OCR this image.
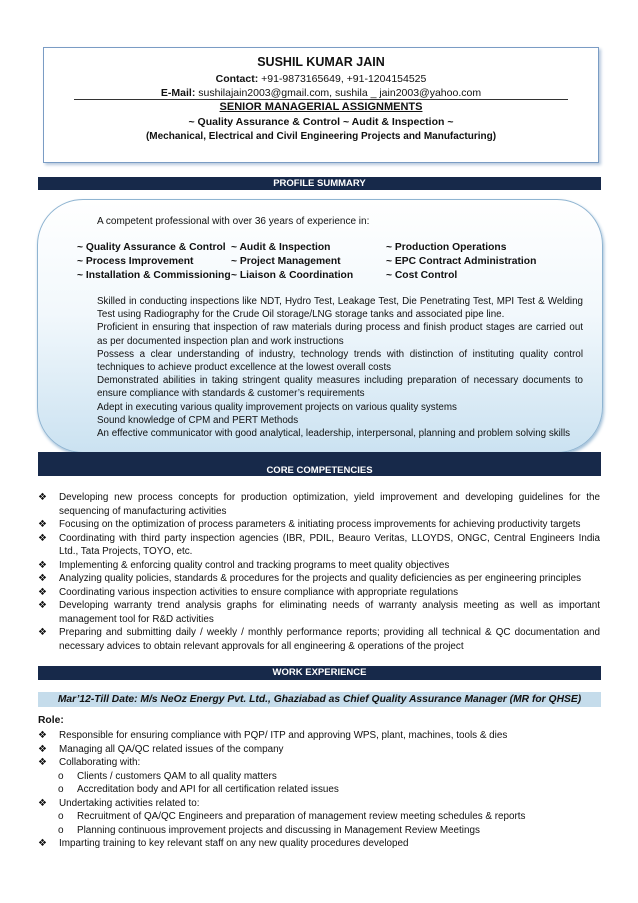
SUSHIL KUMAR JAIN
Contact: +91-9873165649, +91-1204154525
E-Mail: sushilajain2003@gmail.com, sushila _ jain2003@yahoo.com
SENIOR MANAGERIAL ASSIGNMENTS
~ Quality Assurance & Control ~ Audit & Inspection ~
(Mechanical, Electrical and Civil Engineering Projects and Manufacturing)
PROFILE SUMMARY
A competent professional with over 36 years of experience in:
~ Quality Assurance & Control
~ Process Improvement
~ Installation & Commissioning
~ Audit & Inspection
~ Project Management
~ Liaison & Coordination
~ Production Operations
~ EPC Contract Administration
~ Cost Control
Skilled in conducting inspections like NDT, Hydro Test, Leakage Test, Die Penetrating Test, MPI Test & Welding Test using Radiography for the Crude Oil storage/LNG storage tanks and associated pipe line.
Proficient in ensuring that inspection of raw materials during process and finish product stages are carried out as per documented inspection plan and work instructions
Possess a clear understanding of industry, technology trends with distinction of instituting quality control techniques to achieve product excellence at the lowest overall costs
Demonstrated abilities in taking stringent quality measures including preparation of necessary documents to ensure compliance with standards & customer’s requirements
Adept in executing various quality improvement projects on various quality systems
Sound knowledge of CPM and PERT Methods
An effective communicator with good analytical, leadership, interpersonal, planning and problem solving skills
CORE COMPETENCIES
❖ Developing new process concepts for production optimization, yield improvement and developing guidelines for the sequencing of manufacturing activities
❖ Focusing on the optimization of process parameters & initiating process improvements for achieving productivity targets
❖ Coordinating with third party inspection agencies (IBR, PDIL, Beauro Veritas, LLOYDS, ONGC, Central Engineers India Ltd., Tata Projects, TOYO, etc.
❖ Implementing & enforcing quality control and tracking programs to meet quality objectives
❖ Analyzing quality policies, standards & procedures for the projects and quality deficiencies as per engineering principles
❖ Coordinating various inspection activities to ensure compliance with appropriate regulations
❖ Developing warranty trend analysis graphs for eliminating needs of warranty analysis meeting as well as important management tool for R&D activities
❖ Preparing and submitting daily / weekly / monthly performance reports; providing all technical & QC documentation and necessary advices to obtain relevant approvals for all engineering & operations of the project
WORK EXPERIENCE
Mar’12-Till Date: M/s NeOz Energy Pvt. Ltd., Ghaziabad as Chief Quality Assurance Manager (MR for QHSE)
Role:
❖ Responsible for ensuring compliance with PQP/ ITP and approving WPS, plant, machines, tools & dies
❖ Managing all QA/QC related issues of the company
❖ Collaborating with:
o Clients / customers QAM to all quality matters
o Accreditation body and API for all certification related issues
❖ Undertaking activities related to:
o Recruitment of QA/QC Engineers and preparation of management review meeting schedules & reports
o Planning continuous improvement projects and discussing in Management Review Meetings
❖ Imparting training to key relevant staff on any new quality procedures developed
